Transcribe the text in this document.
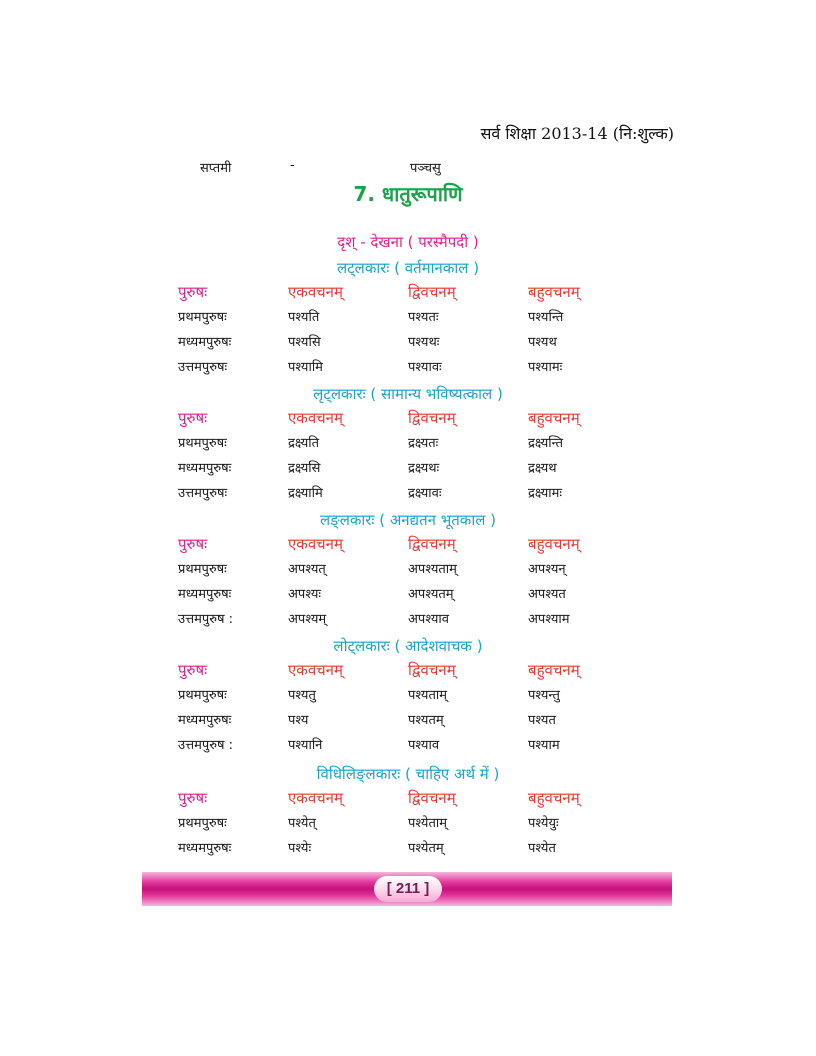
सर्व शिक्षा 2013-14 (नि:शुल्क)
सप्तमी	-	पञ्चसु
7. धातुरूपाणि
दृश् - देखना ( परस्मैपदी )
लट्लकारः ( वर्तमानकाल )
पुरुषः	एकवचनम्	द्विवचनम्	बहुवचनम्
प्रथमपुरुषः	पश्यति	पश्यतः	पश्यन्ति
मध्यमपुरुषः	पश्यसि	पश्यथः	पश्यथ
उत्तमपुरुषः	पश्यामि	पश्यावः	पश्यामः
लृट्लकारः ( सामान्य भविष्यत्काल )
पुरुषः	एकवचनम्	द्विवचनम्	बहुवचनम्
प्रथमपुरुषः	द्रक्ष्यति	द्रक्ष्यतः	द्रक्ष्यन्ति
मध्यमपुरुषः	द्रक्ष्यसि	द्रक्ष्यथः	द्रक्ष्यथ
उत्तमपुरुषः	द्रक्ष्यामि	द्रक्ष्यावः	द्रक्ष्यामः
लङ्लकारः ( अनद्यतन भूतकाल )
पुरुषः	एकवचनम्	द्विवचनम्	बहुवचनम्
प्रथमपुरुषः	अपश्यत्	अपश्यताम्	अपश्यन्
मध्यमपुरुषः	अपश्यः	अपश्यतम्	अपश्यत
उत्तमपुरुष :	अपश्यम्	अपश्याव	अपश्याम
लोट्लकारः ( आदेशवाचक )
पुरुषः	एकवचनम्	द्विवचनम्	बहुवचनम्
प्रथमपुरुषः	पश्यतु	पश्यताम्	पश्यन्तु
मध्यमपुरुषः	पश्य	पश्यतम्	पश्यत
उत्तमपुरुष :	पश्यानि	पश्याव	पश्याम
विधिलिङ्लकारः ( चाहिए अर्थ में )
पुरुषः	एकवचनम्	द्विवचनम्	बहुवचनम्
प्रथमपुरुषः	पश्येत्	पश्येताम्	पश्येयुः
मध्यमपुरुषः	पश्येः	पश्येतम्	पश्येत
[ 211 ]
